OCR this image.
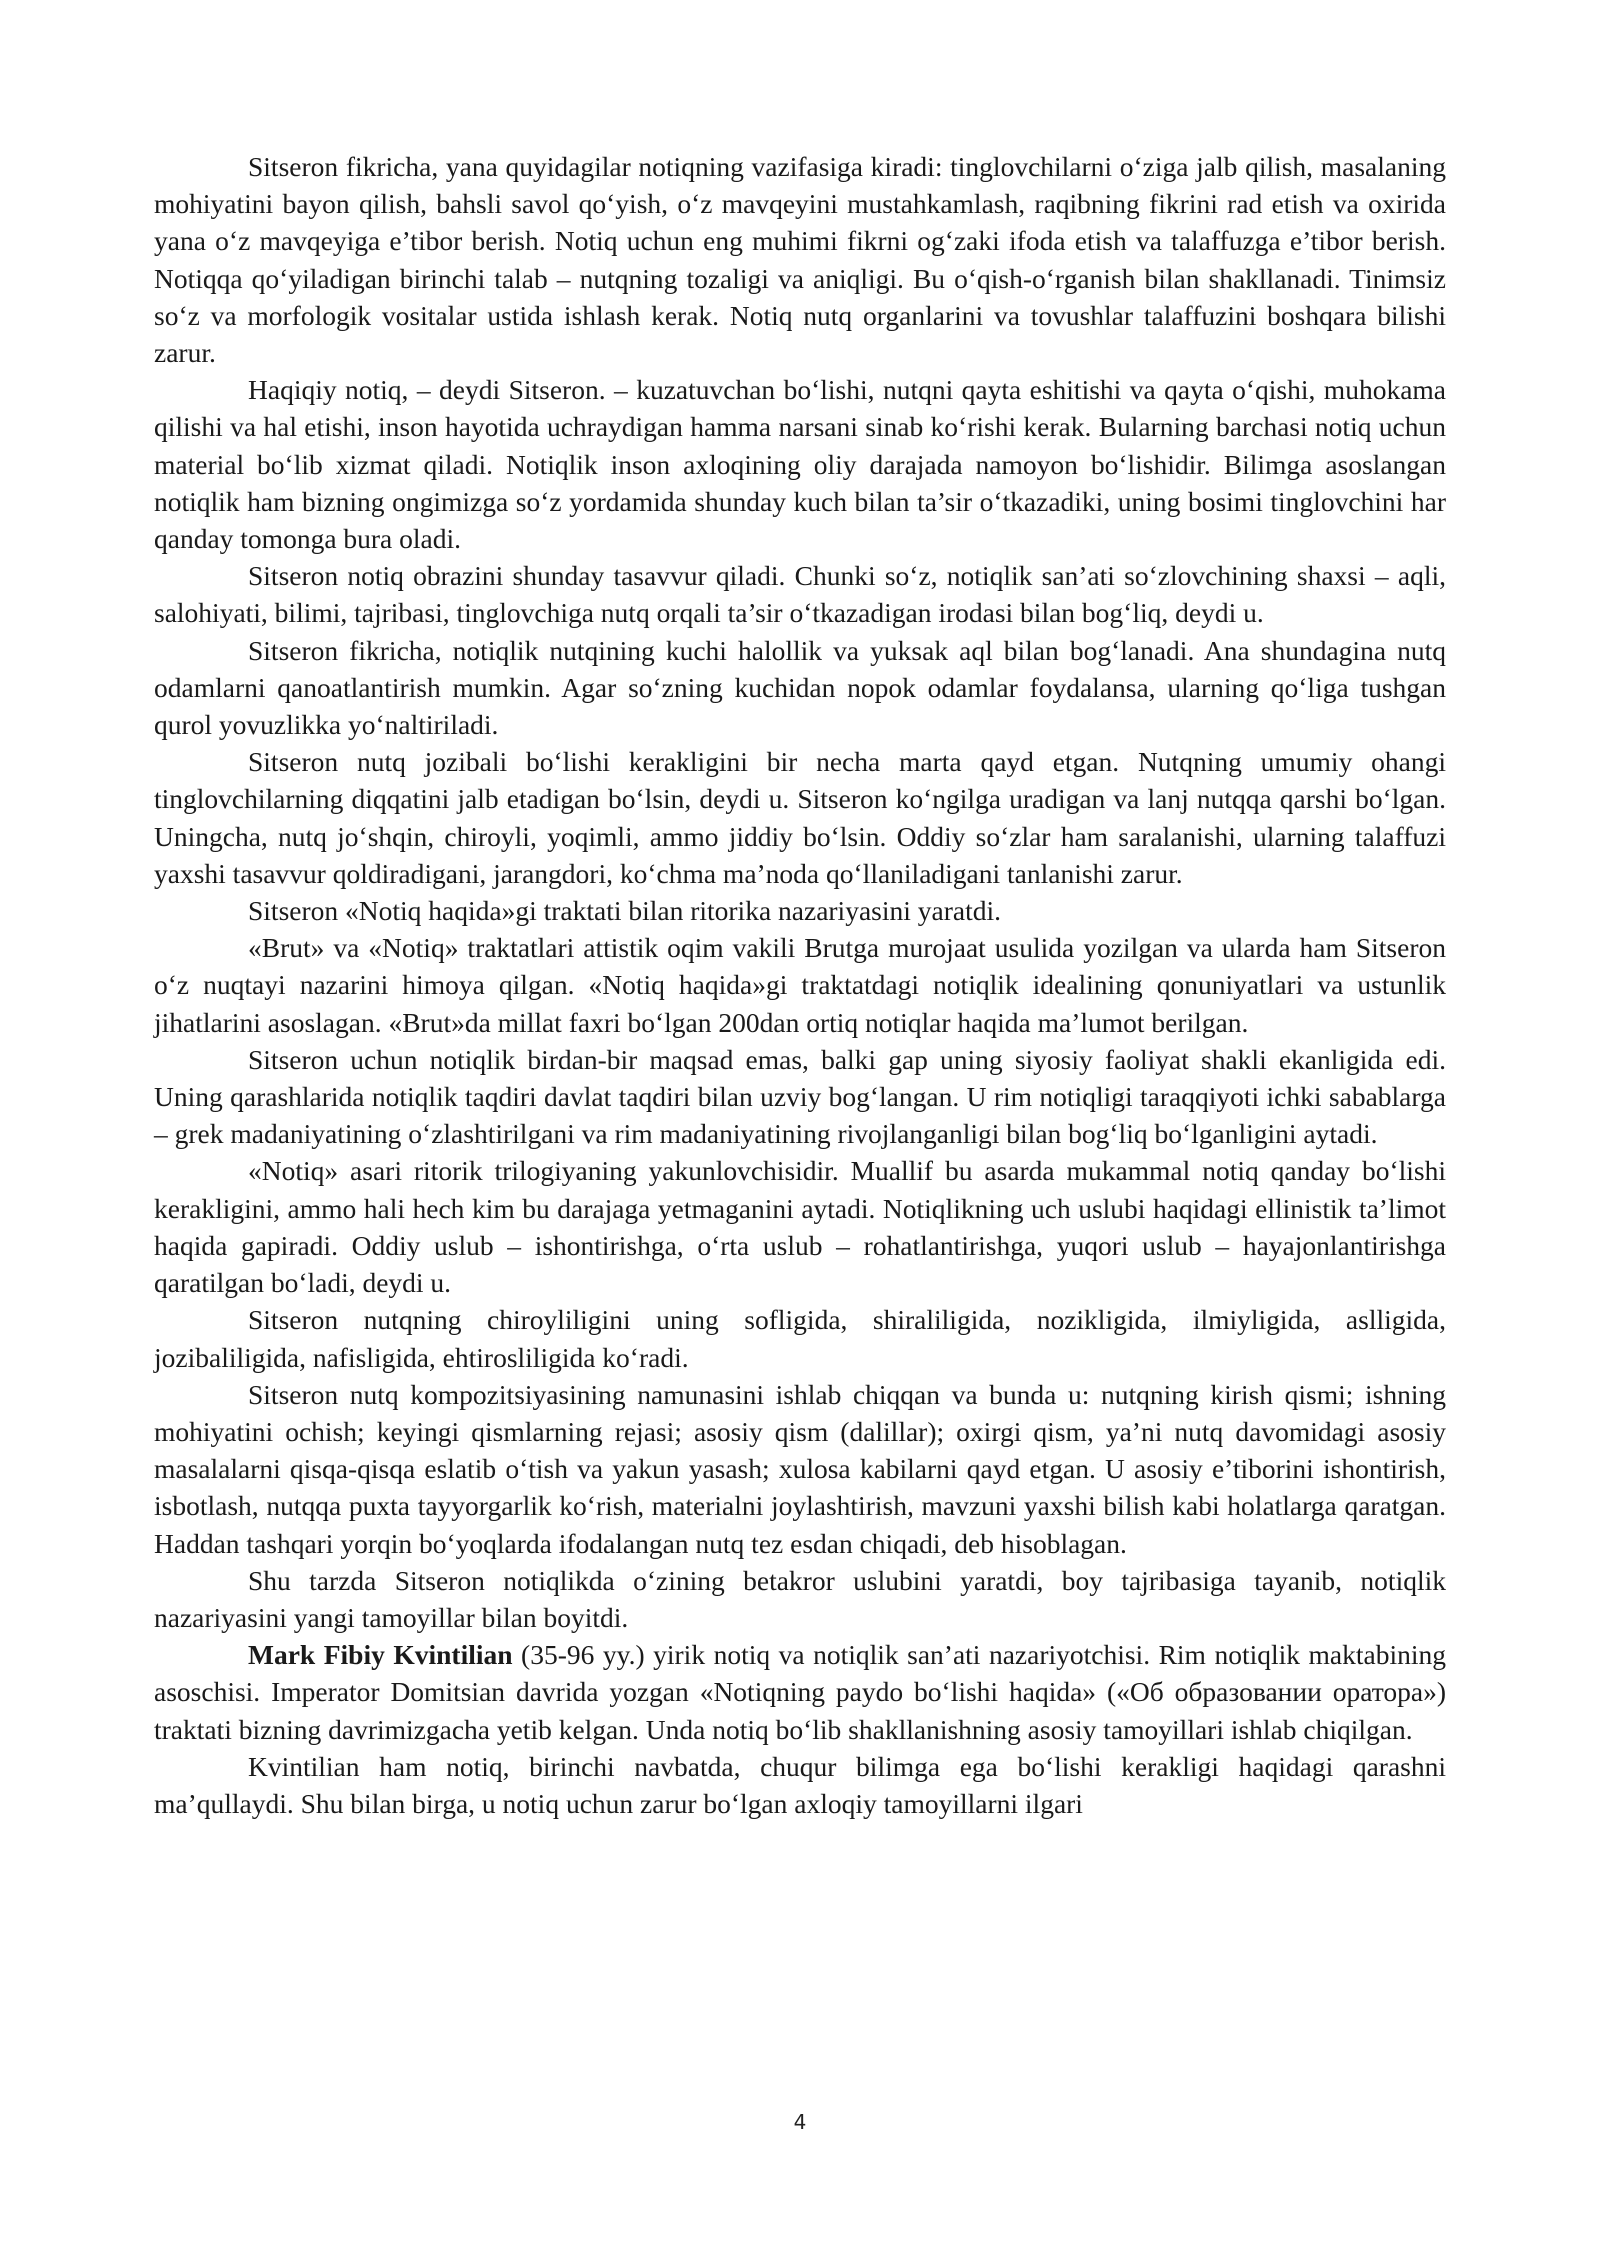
Sitseron fikricha, yana quyidagilar notiqning vazifasiga kiradi: tinglovchilarni o‘ziga jalb qilish, masalaning mohiyatini bayon qilish, bahsli savol qo‘yish, o‘z mavqeyini mustahkamlash, raqibning fikrini rad etish va oxirida yana o‘z mavqeyiga e’tibor berish. Notiq uchun eng muhimi fikrni og‘zaki ifoda etish va talaffuzga e’tibor berish. Notiqqa qo‘yiladigan birinchi talab – nutqning tozaligi va aniqligi. Bu o‘qish-o‘rganish bilan shakllanadi. Tinimsiz so‘z va morfologik vositalar ustida ishlash kerak. Notiq nutq organlarini va tovushlar talaffuzini boshqara bilishi zarur.

Haqiqiy notiq, – deydi Sitseron. – kuzatuvchan bo‘lishi, nutqni qayta eshitishi va qayta o‘qishi, muhokama qilishi va hal etishi, inson hayotida uchraydigan hamma narsani sinab ko‘rishi kerak. Bularning barchasi notiq uchun material bo‘lib xizmat qiladi. Notiqlik inson axloqining oliy darajada namoyon bo‘lishidir. Bilimga asoslangan notiqlik ham bizning ongimizga so‘z yordamida shunday kuch bilan ta’sir o‘tkazadiki, uning bosimi tinglovchini har qanday tomonga bura oladi.

Sitseron notiq obrazini shunday tasavvur qiladi. Chunki so‘z, notiqlik san’ati so‘zlovchining shaxsi – aqli, salohiyati, bilimi, tajribasi, tinglovchiga nutq orqali ta’sir o‘tkazadigan irodasi bilan bog‘liq, deydi u.

Sitseron fikricha, notiqlik nutqining kuchi halollik va yuksak aql bilan bog‘lanadi. Ana shundagina nutq odamlarni qanoatlantirish mumkin. Agar so‘zning kuchidan nopok odamlar foydalansa, ularning qo‘liga tushgan qurol yovuzlikka yo‘naltiriladi.

Sitseron nutq jozibali bo‘lishi kerakligini bir necha marta qayd etgan. Nutqning umumiy ohangi tinglovchilarning diqqatini jalb etadigan bo‘lsin, deydi u. Sitseron ko‘ngilga uradigan va lanj nutqqa qarshi bo‘lgan. Uningcha, nutq jo‘shqin, chiroyli, yoqimli, ammo jiddiy bo‘lsin. Oddiy so‘zlar ham saralanishi, ularning talaffuzi yaxshi tasavvur qoldiradigani, jarangdori, ko‘chma ma’noda qo‘llaniladigani tanlanishi zarur.

Sitseron «Notiq haqida»gi traktati bilan ritorika nazariyasini yaratdi.

«Brut» va «Notiq» traktatlari attistik oqim vakili Brutga murojaat usulida yozilgan va ularda ham Sitseron o‘z nuqtayi nazarini himoya qilgan. «Notiq haqida»gi traktatdagi notiqlik idealining qonuniyatlari va ustunlik jihatlarini asoslagan. «Brut»da millat faxri bo‘lgan 200dan ortiq notiqlar haqida ma’lumot berilgan.

Sitseron uchun notiqlik birdan-bir maqsad emas, balki gap uning siyosiy faoliyat shakli ekanligida edi. Uning qarashlarida notiqlik taqdiri davlat taqdiri bilan uzviy bog‘langan. U rim notiqligi taraqqiyoti ichki sabablarga – grek madaniyatining o‘zlashtirilgani va rim madaniyatining rivojlanganligi bilan bog‘liq bo‘lganligini aytadi.

«Notiq» asari ritorik trilogiyaning yakunlovchisidir. Muallif bu asarda mukammal notiq qanday bo‘lishi kerakligini, ammo hali hech kim bu darajaga yetmaganini aytadi. Notiqlikning uch uslubi haqidagi ellinistik ta’limot haqida gapiradi. Oddiy uslub – ishontirishga, o‘rta uslub – rohatlantirishga, yuqori uslub – hayajonlantirishga qaratilgan bo‘ladi, deydi u.

Sitseron nutqning chiroyliligini uning sofligida, shiraliligida, nozikligida, ilmiyligida, aslligida, jozibaliligida, nafisligida, ehtirosliligida ko‘radi.

Sitseron nutq kompozitsiyasining namunasini ishlab chiqqan va bunda u: nutqning kirish qismi; ishning mohiyatini ochish; keyingi qismlarning rejasi; asosiy qism (dalillar); oxirgi qism, ya’ni nutq davomidagi asosiy masalalarni qisqa-qisqa eslatib o‘tish va yakun yasash; xulosa kabilarni qayd etgan. U asosiy e’tiborini ishontirish, isbotlash, nutqqa puxta tayyorgarlik ko‘rish, materialni joylashtirish, mavzuni yaxshi bilish kabi holatlarga qaratgan. Haddan tashqari yorqin bo‘yoqlarda ifodalangan nutq tez esdan chiqadi, deb hisoblagan.

Shu tarzda Sitseron notiqlikda o‘zining betakror uslubini yaratdi, boy tajribasiga tayanib, notiqlik nazariyasini yangi tamoyillar bilan boyitdi.

Mark Fibiy Kvintilian (35-96 yy.) yirik notiq va notiqlik san’ati nazariyotchisi. Rim notiqlik maktabining asoschisi. Imperator Domitsian davrida yozgan «Notiqning paydo bo‘lishi haqida» («Об образовании оратора») traktati bizning davrimizgacha yetib kelgan. Unda notiq bo‘lib shakllanishning asosiy tamoyillari ishlab chiqilgan.

Kvintilian ham notiq, birinchi navbatda, chuqur bilimga ega bo‘lishi kerakligi haqidagi qarashni ma’qullaydi. Shu bilan birga, u notiq uchun zarur bo‘lgan axloqiy tamoyillarni ilgari

4
